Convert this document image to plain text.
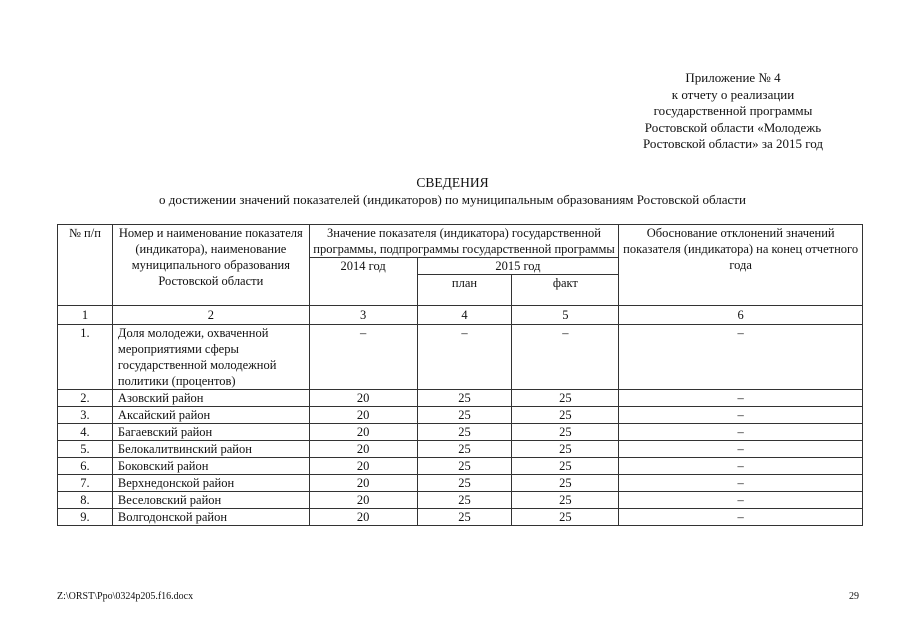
Приложение № 4
к отчету о реализации
государственной программы
Ростовской области «Молодежь
Ростовской области» за 2015 год
СВЕДЕНИЯ
о достижении значений показателей (индикаторов) по муниципальным образованиям Ростовской области
№ п/п	Номер и наименование показателя (индикатора), наименование муниципального образования Ростовской области	Значение показателя (индикатора) государственной программы, подпрограммы государственной программы			Обоснование отклонений значений показателя (индикатора) на конец отчетного года
		2014 год	2015 год		
			план	факт	
1	2	3	4	5	6
1.	Доля молодежи, охваченной мероприятиями сферы государственной молодежной политики (процентов)	–	–	–	–
2.	Азовский район	20	25	25	–
3.	Аксайский район	20	25	25	–
4.	Багаевский район	20	25	25	–
5.	Белокалитвинский район	20	25	25	–
6.	Боковский район	20	25	25	–
7.	Верхнедонской район	20	25	25	–
8.	Веселовский район	20	25	25	–
9.	Волгодонской район	20	25	25	–
Z:\ORST\Ppo\0324p205.f16.docx	29
